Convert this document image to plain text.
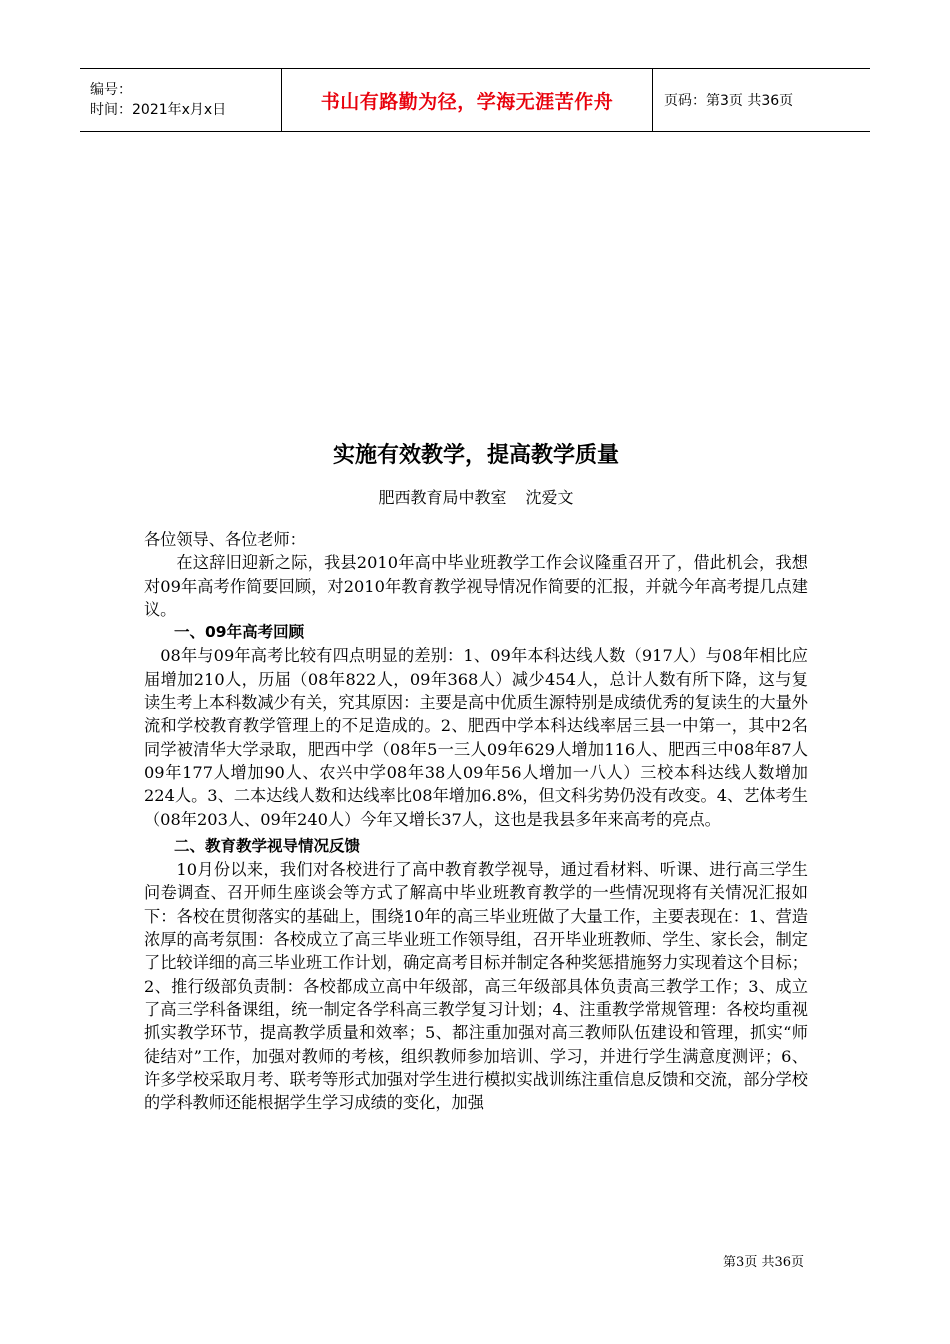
编号：
时间：2021年x月x日	书山有路勤为径，学海无涯苦作舟	页码：第3页 共36页
实施有效教学，提高教学质量
肥西教育局中教室 沈爱文

各位领导、各位老师：

在这辞旧迎新之际，我县2010年高中毕业班教学工作会议隆重召开了，借此机会，我想对09年高考作简要回顾，对2010年教育教学视导情况作简要的汇报，并就今年高考提几点建议。

一、09年高考回顾

08年与09年高考比较有四点明显的差别：1、09年本科达线人数（917人）与08年相比应届增加210人，历届（08年822人，09年368人）减少454人，总计人数有所下降，这与复读生考上本科数减少有关，究其原因：主要是高中优质生源特别是成绩优秀的复读生的大量外流和学校教育教学管理上的不足造成的。2、肥西中学本科达线率居三县一中第一，其中2名同学被清华大学录取，肥西中学（08年5一三人09年629人增加116人、肥西三中08年87人09年177人增加90人、农兴中学08年38人09年56人增加一八人）三校本科达线人数增加224人。3、二本达线人数和达线率比08年增加6.8%，但文科劣势仍没有改变。4、艺体考生（08年203人、09年240人）今年又增长37人，这也是我县多年来高考的亮点。

二、教育教学视导情况反馈

10月份以来，我们对各校进行了高中教育教学视导，通过看材料、听课、进行高三学生问卷调查、召开师生座谈会等方式了解高中毕业班教育教学的一些情况现将有关情况汇报如下：各校在贯彻落实的基础上，围绕10年的高三毕业班做了大量工作，主要表现在：1、营造浓厚的高考氛围：各校成立了高三毕业班工作领导组，召开毕业班教师、学生、家长会，制定了比较详细的高三毕业班工作计划，确定高考目标并制定各种奖惩措施努力实现着这个目标；2、推行级部负责制：各校都成立高中年级部，高三年级部具体负责高三教学工作；3、成立了高三学科备课组，统一制定各学科高三教学复习计划；4、注重教学常规管理：各校均重视抓实教学环节，提高教学质量和效率；5、都注重加强对高三教师队伍建设和管理，抓实“师徒结对”工作，加强对教师的考核，组织教师参加培训、学习，并进行学生满意度测评；6、许多学校采取月考、联考等形式加强对学生进行模拟实战训练注重信息反馈和交流，部分学校的学科教师还能根据学生学习成绩的变化，加强

第3页 共36页
